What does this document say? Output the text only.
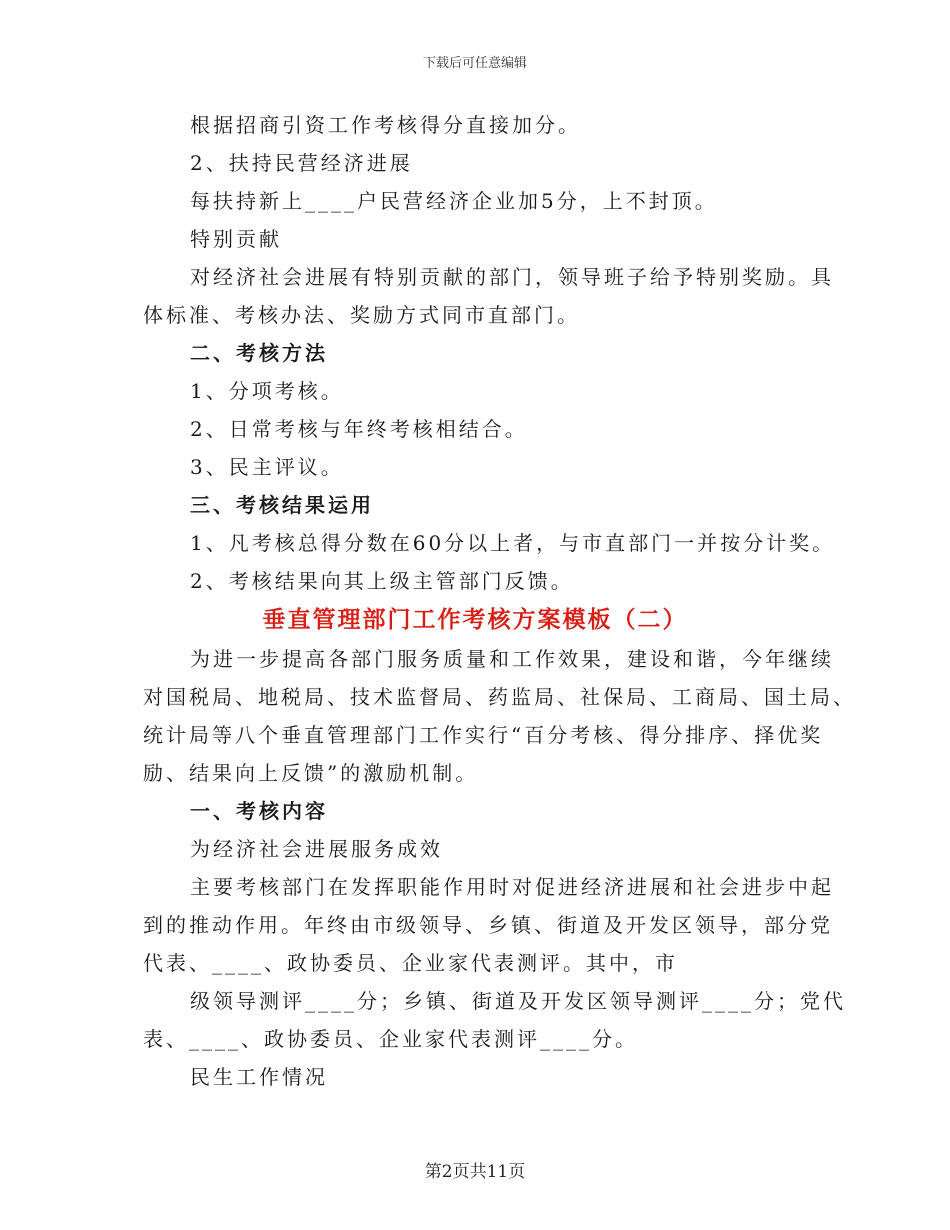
下载后可任意编辑

根据招商引资工作考核得分直接加分。

2、扶持民营经济进展

每扶持新上____户民营经济企业加5分，上不封顶。

特别贡献

对经济社会进展有特别贡献的部门，领导班子给予特别奖励。具

体标准、考核办法、奖励方式同市直部门。

二、考核方法

1、分项考核。

2、日常考核与年终考核相结合。

3、民主评议。

三、考核结果运用

1、凡考核总得分数在60分以上者，与市直部门一并按分计奖。

2、考核结果向其上级主管部门反馈。

垂直管理部门工作考核方案模板（二）

为进一步提高各部门服务质量和工作效果，建设和谐，今年继续

对国税局、地税局、技术监督局、药监局、社保局、工商局、国土局、

统计局等八个垂直管理部门工作实行“百分考核、得分排序、择优奖

励、结果向上反馈”的激励机制。

一、考核内容

为经济社会进展服务成效

主要考核部门在发挥职能作用时对促进经济进展和社会进步中起

到的推动作用。年终由市级领导、乡镇、街道及开发区领导，部分党

代表、____、政协委员、企业家代表测评。其中，市

级领导测评____分；乡镇、街道及开发区领导测评____分；党代

表、____、政协委员、企业家代表测评____分。

民生工作情况

第2页共11页
